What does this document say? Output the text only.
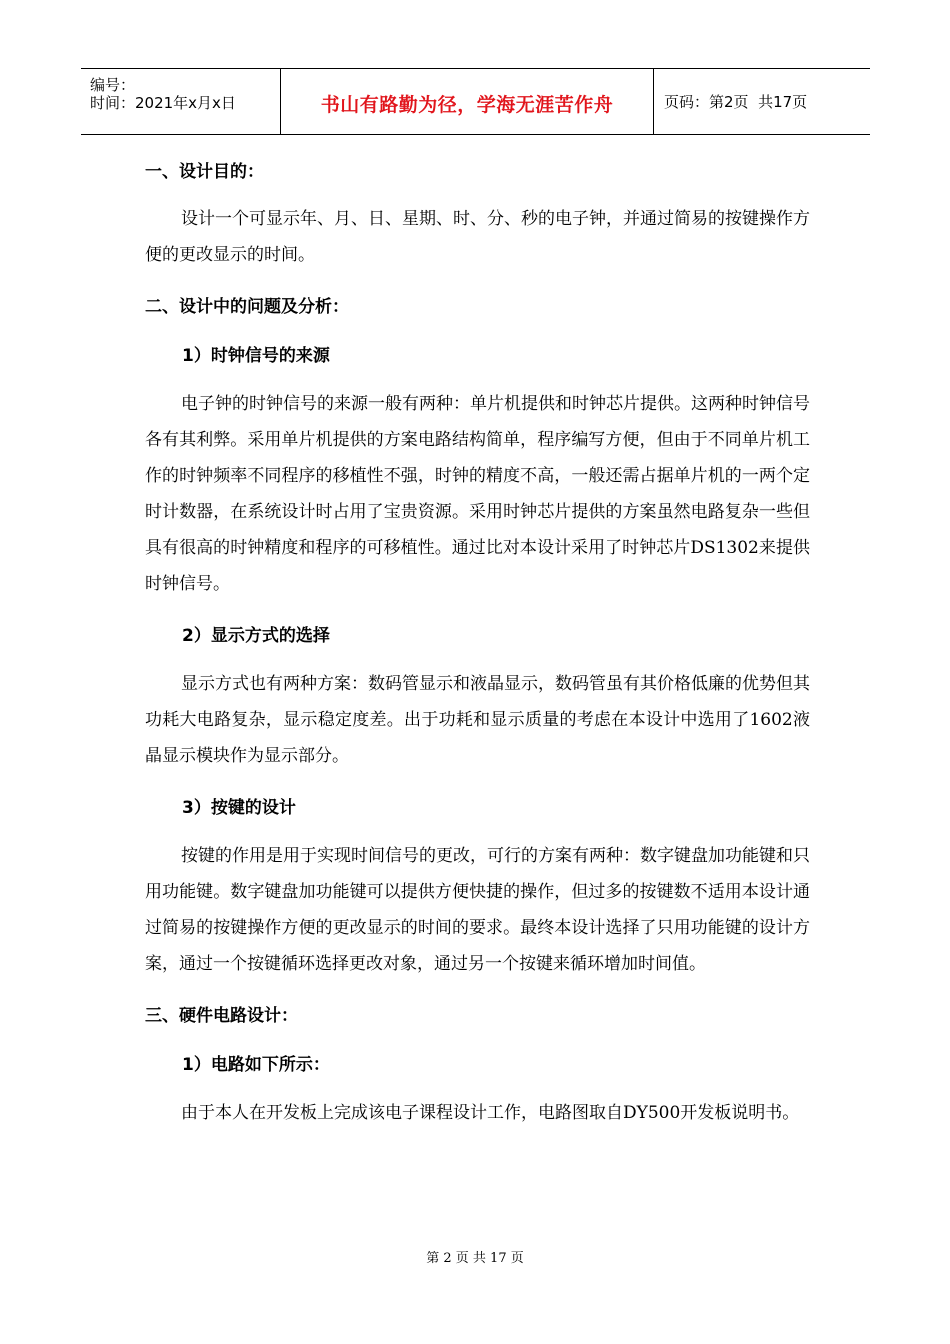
编号：
时间：2021年x月x日	书山有路勤为径，学海无涯苦作舟	页码：第2页  共17页
一、设计目的：

设计一个可显示年、月、日、星期、时、分、秒的电子钟，并通过简易的按键操作方便的更改显示的时间。

二、设计中的问题及分析：
1）时钟信号的来源

电子钟的时钟信号的来源一般有两种：单片机提供和时钟芯片提供。这两种时钟信号各有其利弊。采用单片机提供的方案电路结构简单，程序编写方便，但由于不同单片机工作的时钟频率不同程序的移植性不强，时钟的精度不高，一般还需占据单片机的一两个定时计数器，在系统设计时占用了宝贵资源。采用时钟芯片提供的方案虽然电路复杂一些但具有很高的时钟精度和程序的可移植性。通过比对本设计采用了时钟芯片DS1302来提供时钟信号。

2）显示方式的选择

显示方式也有两种方案：数码管显示和液晶显示，数码管虽有其价格低廉的优势但其功耗大电路复杂，显示稳定度差。出于功耗和显示质量的考虑在本设计中选用了1602液晶显示模块作为显示部分。

3）按键的设计

按键的作用是用于实现时间信号的更改，可行的方案有两种：数字键盘加功能键和只用功能键。数字键盘加功能键可以提供方便快捷的操作，但过多的按键数不适用本设计通过简易的按键操作方便的更改显示的时间的要求。最终本设计选择了只用功能键的设计方案，通过一个按键循环选择更改对象，通过另一个按键来循环增加时间值。

三、硬件电路设计：
1）电路如下所示：

由于本人在开发板上完成该电子课程设计工作，电路图取自DY500开发板说明书。

第 2 页 共 17 页
